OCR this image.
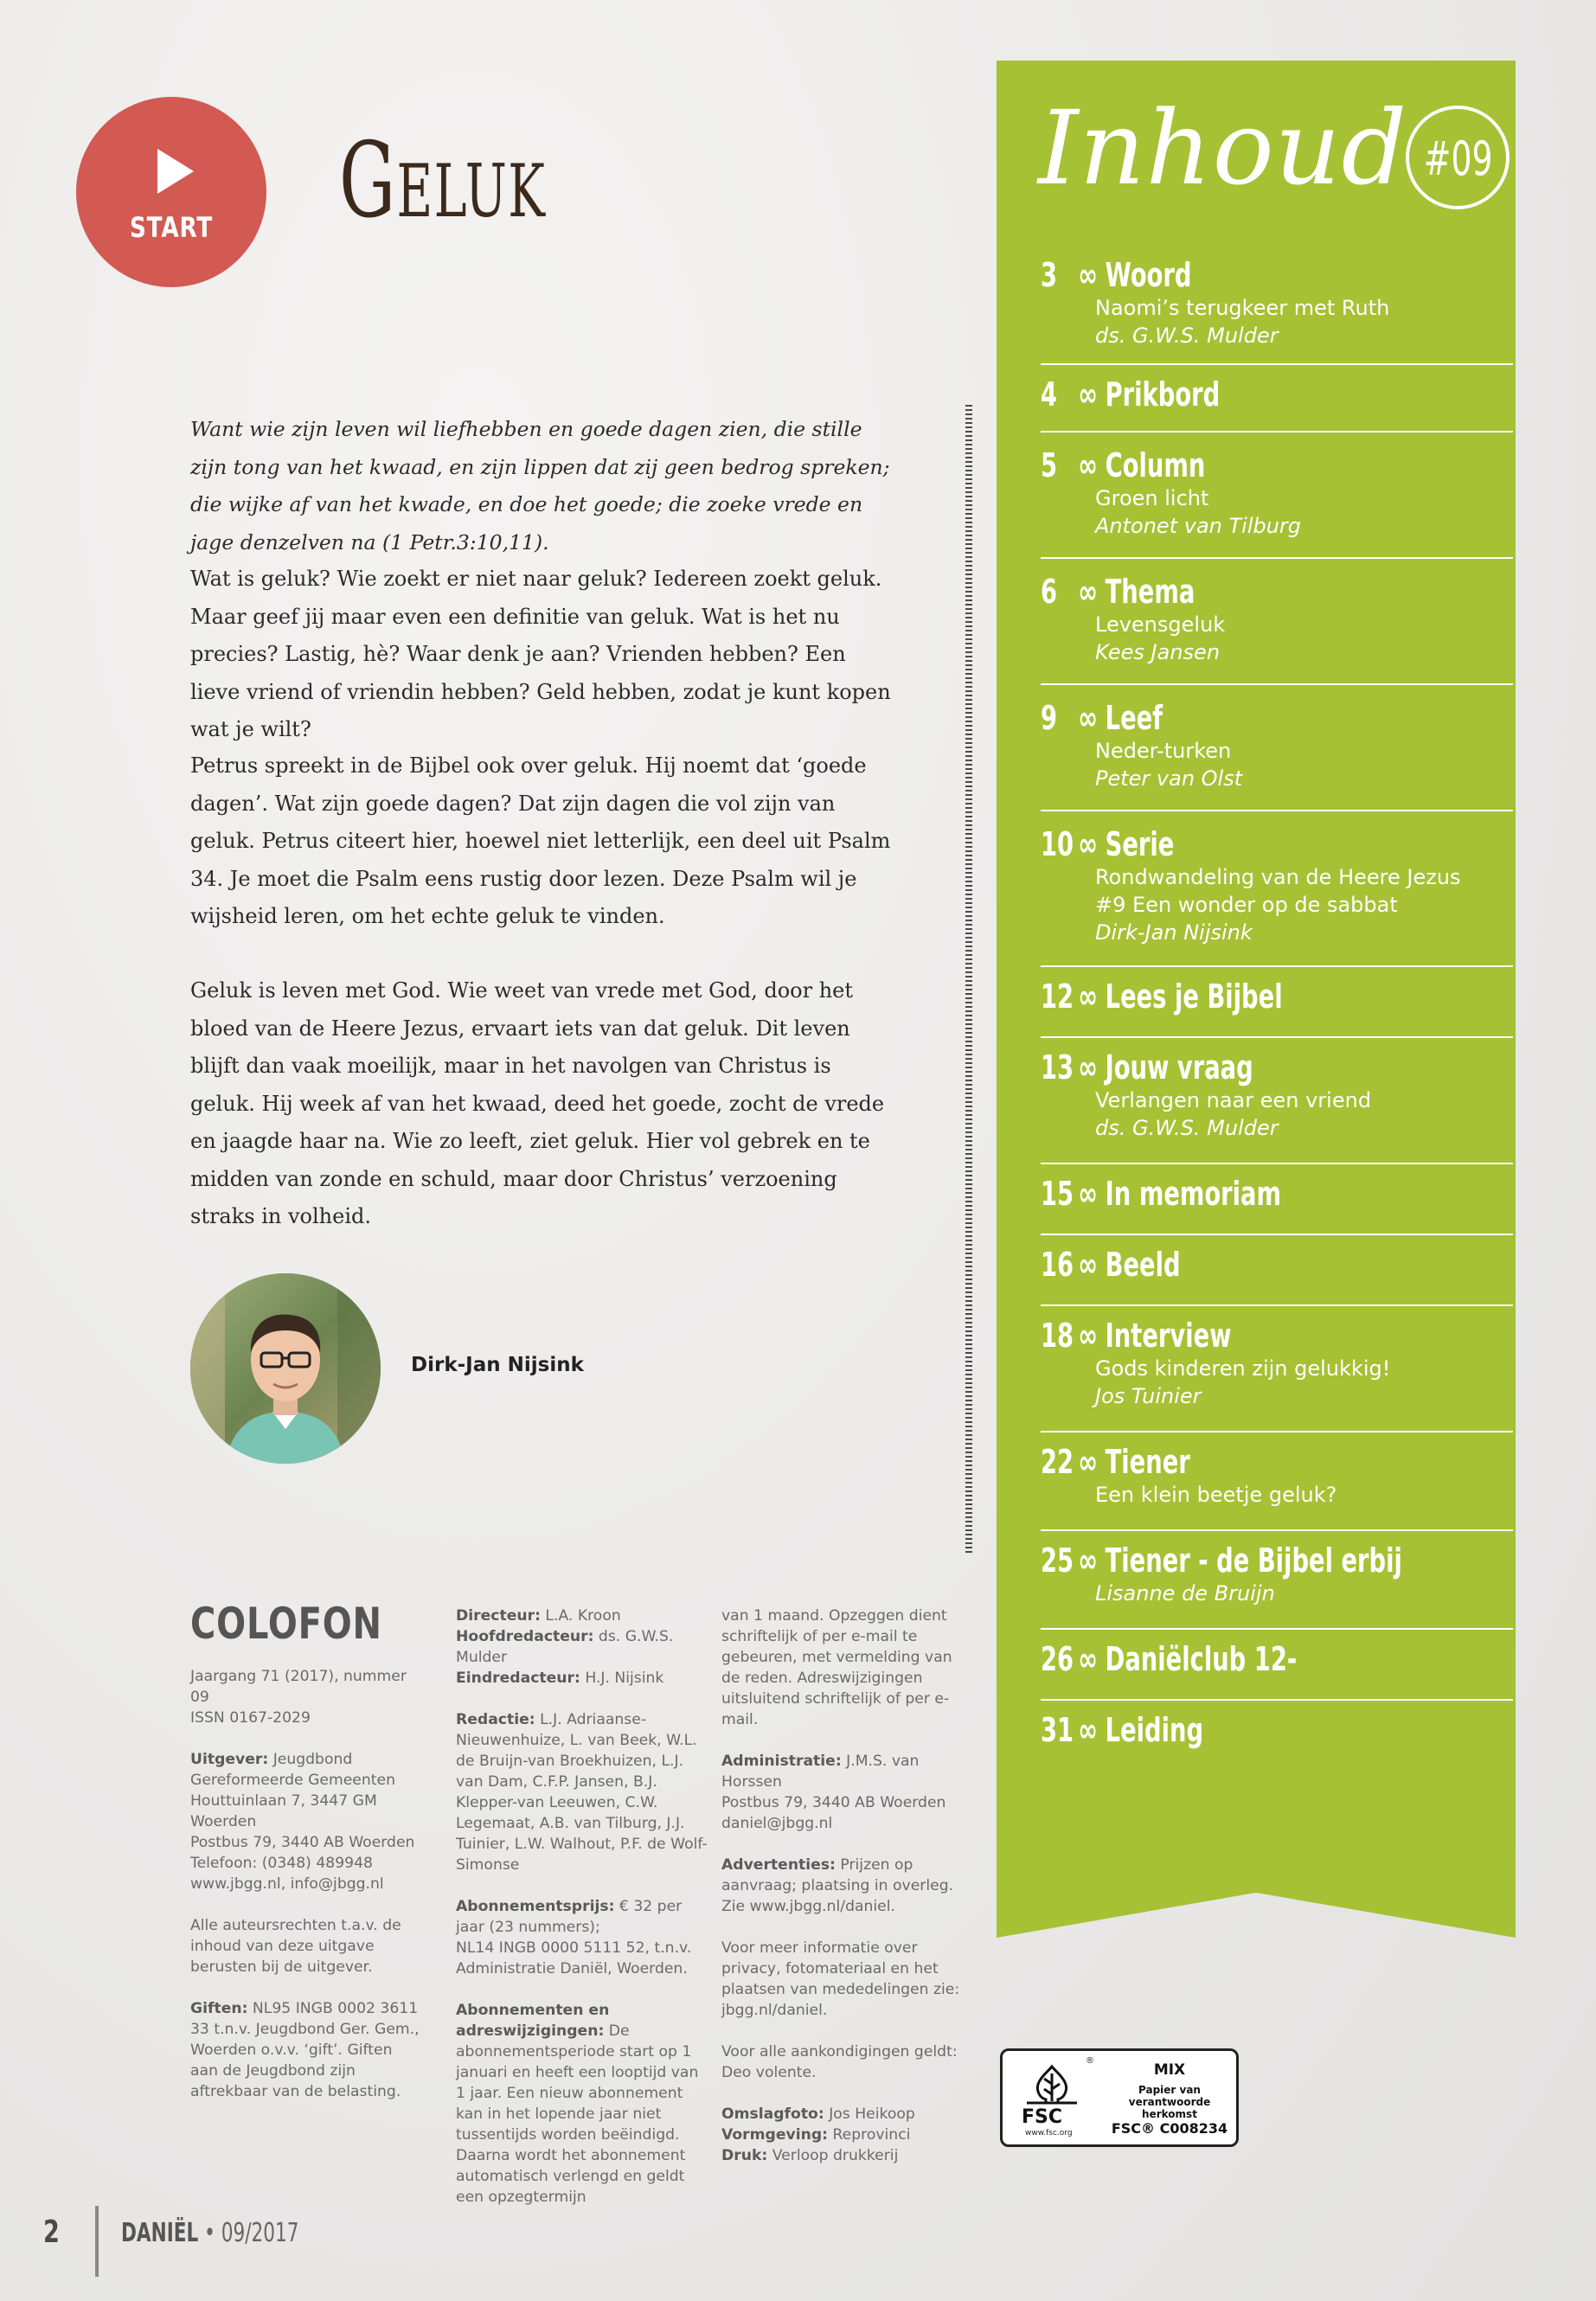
START	Geluk
Want wie zijn leven wil liefhebben en goede dagen zien, die stille zijn tong van het kwaad, en zijn lippen dat zij geen bedrog spreken; die wijke af van het kwade, en doe het goede; die zoeke vrede en jage denzelven na (1 Petr.3:10,11).
Wat is geluk? Wie zoekt er niet naar geluk? Iedereen zoekt geluk. Maar geef jij maar even een definitie van geluk. Wat is het nu precies? Lastig, hè? Waar denk je aan? Vrienden hebben? Een lieve vriend of vriendin hebben? Geld hebben, zodat je kunt kopen wat je wilt?
Petrus spreekt in de Bijbel ook over geluk. Hij noemt dat ‘goede dagen’. Wat zijn goede dagen? Dat zijn dagen die vol zijn van geluk. Petrus citeert hier, hoewel niet letterlijk, een deel uit Psalm 34. Je moet die Psalm eens rustig door lezen. Deze Psalm wil je wijsheid leren, om het echte geluk te vinden.
Geluk is leven met God. Wie weet van vrede met God, door het bloed van de Heere Jezus, ervaart iets van dat geluk. Dit leven blijft dan vaak moeilijk, maar in het navolgen van Christus is geluk. Hij week af van het kwaad, deed het goede, zocht de vrede en jaagde haar na. Wie zo leeft, ziet geluk. Hier vol gebrek en te midden van zonde en schuld, maar door Christus’ verzoening straks in volheid.
Dirk-Jan Nijsink
COLOFON

Jaargang 71 (2017), nummer 09
ISSN 0167-2029

Uitgever: Jeugdbond Gereformeerde Gemeenten
Houttuinlaan 7, 3447 GM Woerden
Postbus 79, 3440 AB Woerden
Telefoon: (0348) 489948
www.jbgg.nl, info@jbgg.nl

Alle auteursrechten t.a.v. de inhoud van deze uitgave berusten bij de uitgever.

Giften: NL95 INGB 0002 3611 33 t.n.v. Jeugdbond Ger. Gem., Woerden o.v.v. ‘gift’. Giften aan de Jeugdbond zijn aftrekbaar van de belasting.

Directeur: L.A. Kroon

Hoofdredacteur: ds. G.W.S. Mulder

Eindredacteur: H.J. Nijsink

Redactie: L.J. Adriaanse-Nieuwenhuize, L. van Beek, W.L. de Bruijn-van Broekhuizen, L.J. van Dam, C.F.P. Jansen, B.J. Klepper-van Leeuwen, C.W. Legemaat, A.B. van Tilburg, J.J. Tuinier, L.W. Walhout, P.F. de Wolf-Simonse

Abonnementsprijs: € 32 per jaar (23 nummers);
NL14 INGB 0000 5111 52, t.n.v. Administratie Daniël, Woerden.

Abonnementen en adreswijzigingen: De abonnementsperiode start op 1 januari en heeft een looptijd van 1 jaar. Een nieuw abonnement kan in het lopende jaar niet tussentijds worden beëindigd. Daarna wordt het abonnement automatisch verlengd en geldt een opzegtermijn

van 1 maand. Opzeggen dient schriftelijk of per e-mail te gebeuren, met vermelding van de reden. Adreswijzigingen uitsluitend schriftelijk of per e-mail.

Administratie: J.M.S. van Horssen
Postbus 79, 3440 AB Woerden
daniel@jbgg.nl

Advertenties: Prijzen op aanvraag; plaatsing in overleg. Zie www.jbgg.nl/daniel.

Voor meer informatie over privacy, fotomateriaal en het plaatsen van mededelingen zie: jbgg.nl/daniel.

Voor alle aankondigingen geldt: Deo volente.

Omslagfoto: Jos Heikoop

Vormgeving: Reprovinci

Druk: Verloop drukkerij

2 DANIËL • 09/2017
Inhoud #09
3 ∞ Woord
Naomi’s terugkeer met Ruth
ds. G.W.S. Mulder
4 ∞ Prikbord
5 ∞ Column
Groen licht
Antonet van Tilburg
6 ∞ Thema
Levensgeluk
Kees Jansen
9 ∞ Leef
Neder-turken
Peter van Olst
10 ∞ Serie
Rondwandeling van de Heere Jezus
#9 Een wonder op de sabbat
Dirk-Jan Nijsink
12 ∞ Lees je Bijbel
13 ∞ Jouw vraag
Verlangen naar een vriend
ds. G.W.S. Mulder
15 ∞ In memoriam
16 ∞ Beeld
18 ∞ Interview
Gods kinderen zijn gelukkig!
Jos Tuinier
22 ∞ Tiener
Een klein beetje geluk?
25 ∞ Tiener - de Bijbel erbij
Lisanne de Bruijn
26 ∞ Daniëlclub 12-
31 ∞ Leiding
®
FSC
www.fsc.org
MIX
Papier van verantwoorde herkomst
FSC® C008234
